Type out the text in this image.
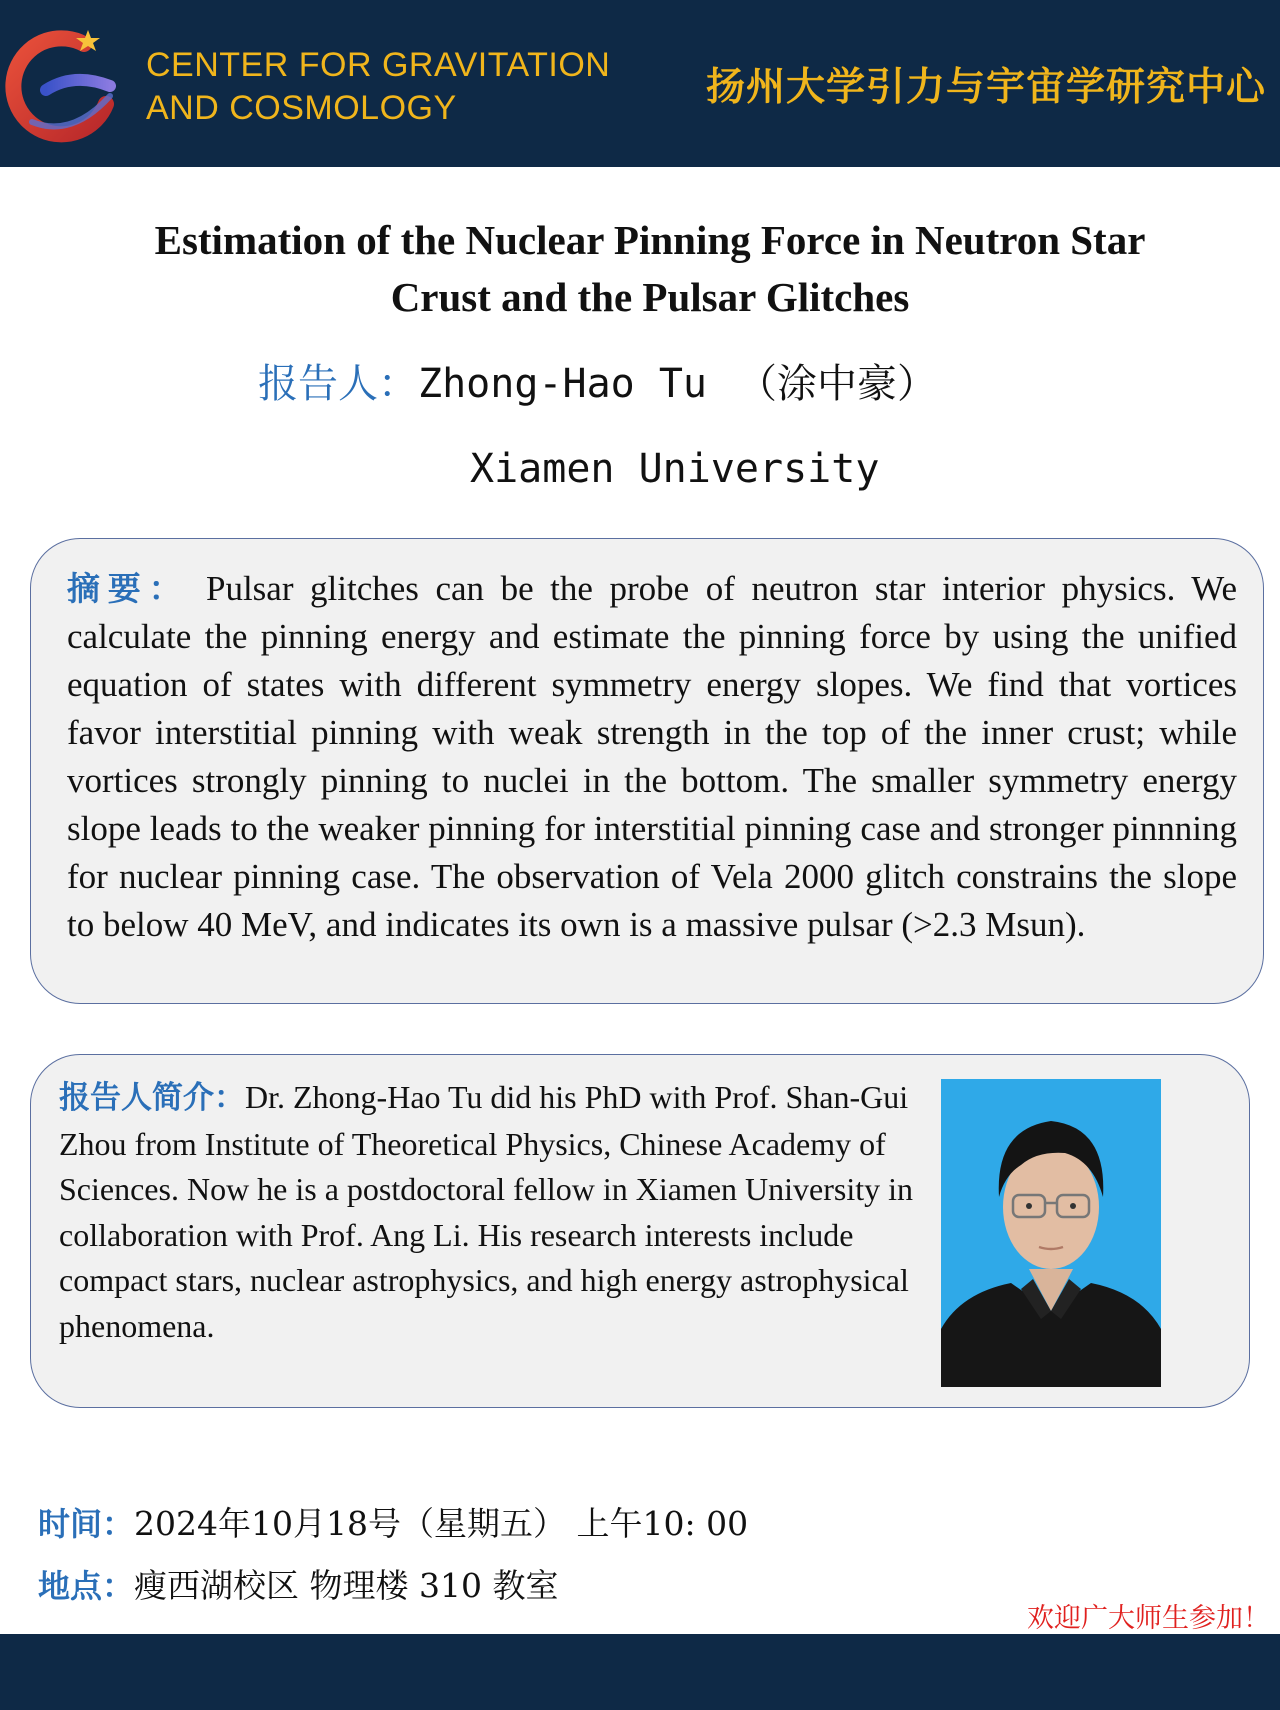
CENTER FOR GRAVITATION
AND COSMOLOGY	扬州大学引力与宇宙学研究中心
Estimation of the Nuclear Pinning Force in Neutron Star
Crust and the Pulsar Glitches
报告人：Zhong-Hao Tu （涂中豪）
Xiamen University
摘要： Pulsar glitches can be the probe of neutron star interior physics. We calculate the pinning energy and estimate the pinning force by using the unified equation of states with different symmetry energy slopes. We find that vortices favor interstitial pinning with weak strength in the top of the inner crust; while vortices strongly pinning to nuclei in the bottom. The smaller symmetry energy slope leads to the weaker pinning for interstitial pinning case and stronger pinnning for nuclear pinning case. The observation of Vela 2000 glitch constrains the slope to below 40 MeV, and indicates its own is a massive pulsar (>2.3 Msun).
报告人简介：Dr. Zhong-Hao Tu did his PhD with Prof. Shan-Gui Zhou from Institute of Theoretical Physics, Chinese Academy of Sciences. Now he is a postdoctoral fellow in Xiamen University in collaboration with Prof. Ang Li. His research interests include compact stars, nuclear astrophysics, and high energy astrophysical phenomena.
时间：2024年10月18号（星期五） 上午10: 00
地点：瘦西湖校区 物理楼 310 教室
欢迎广大师生参加！
